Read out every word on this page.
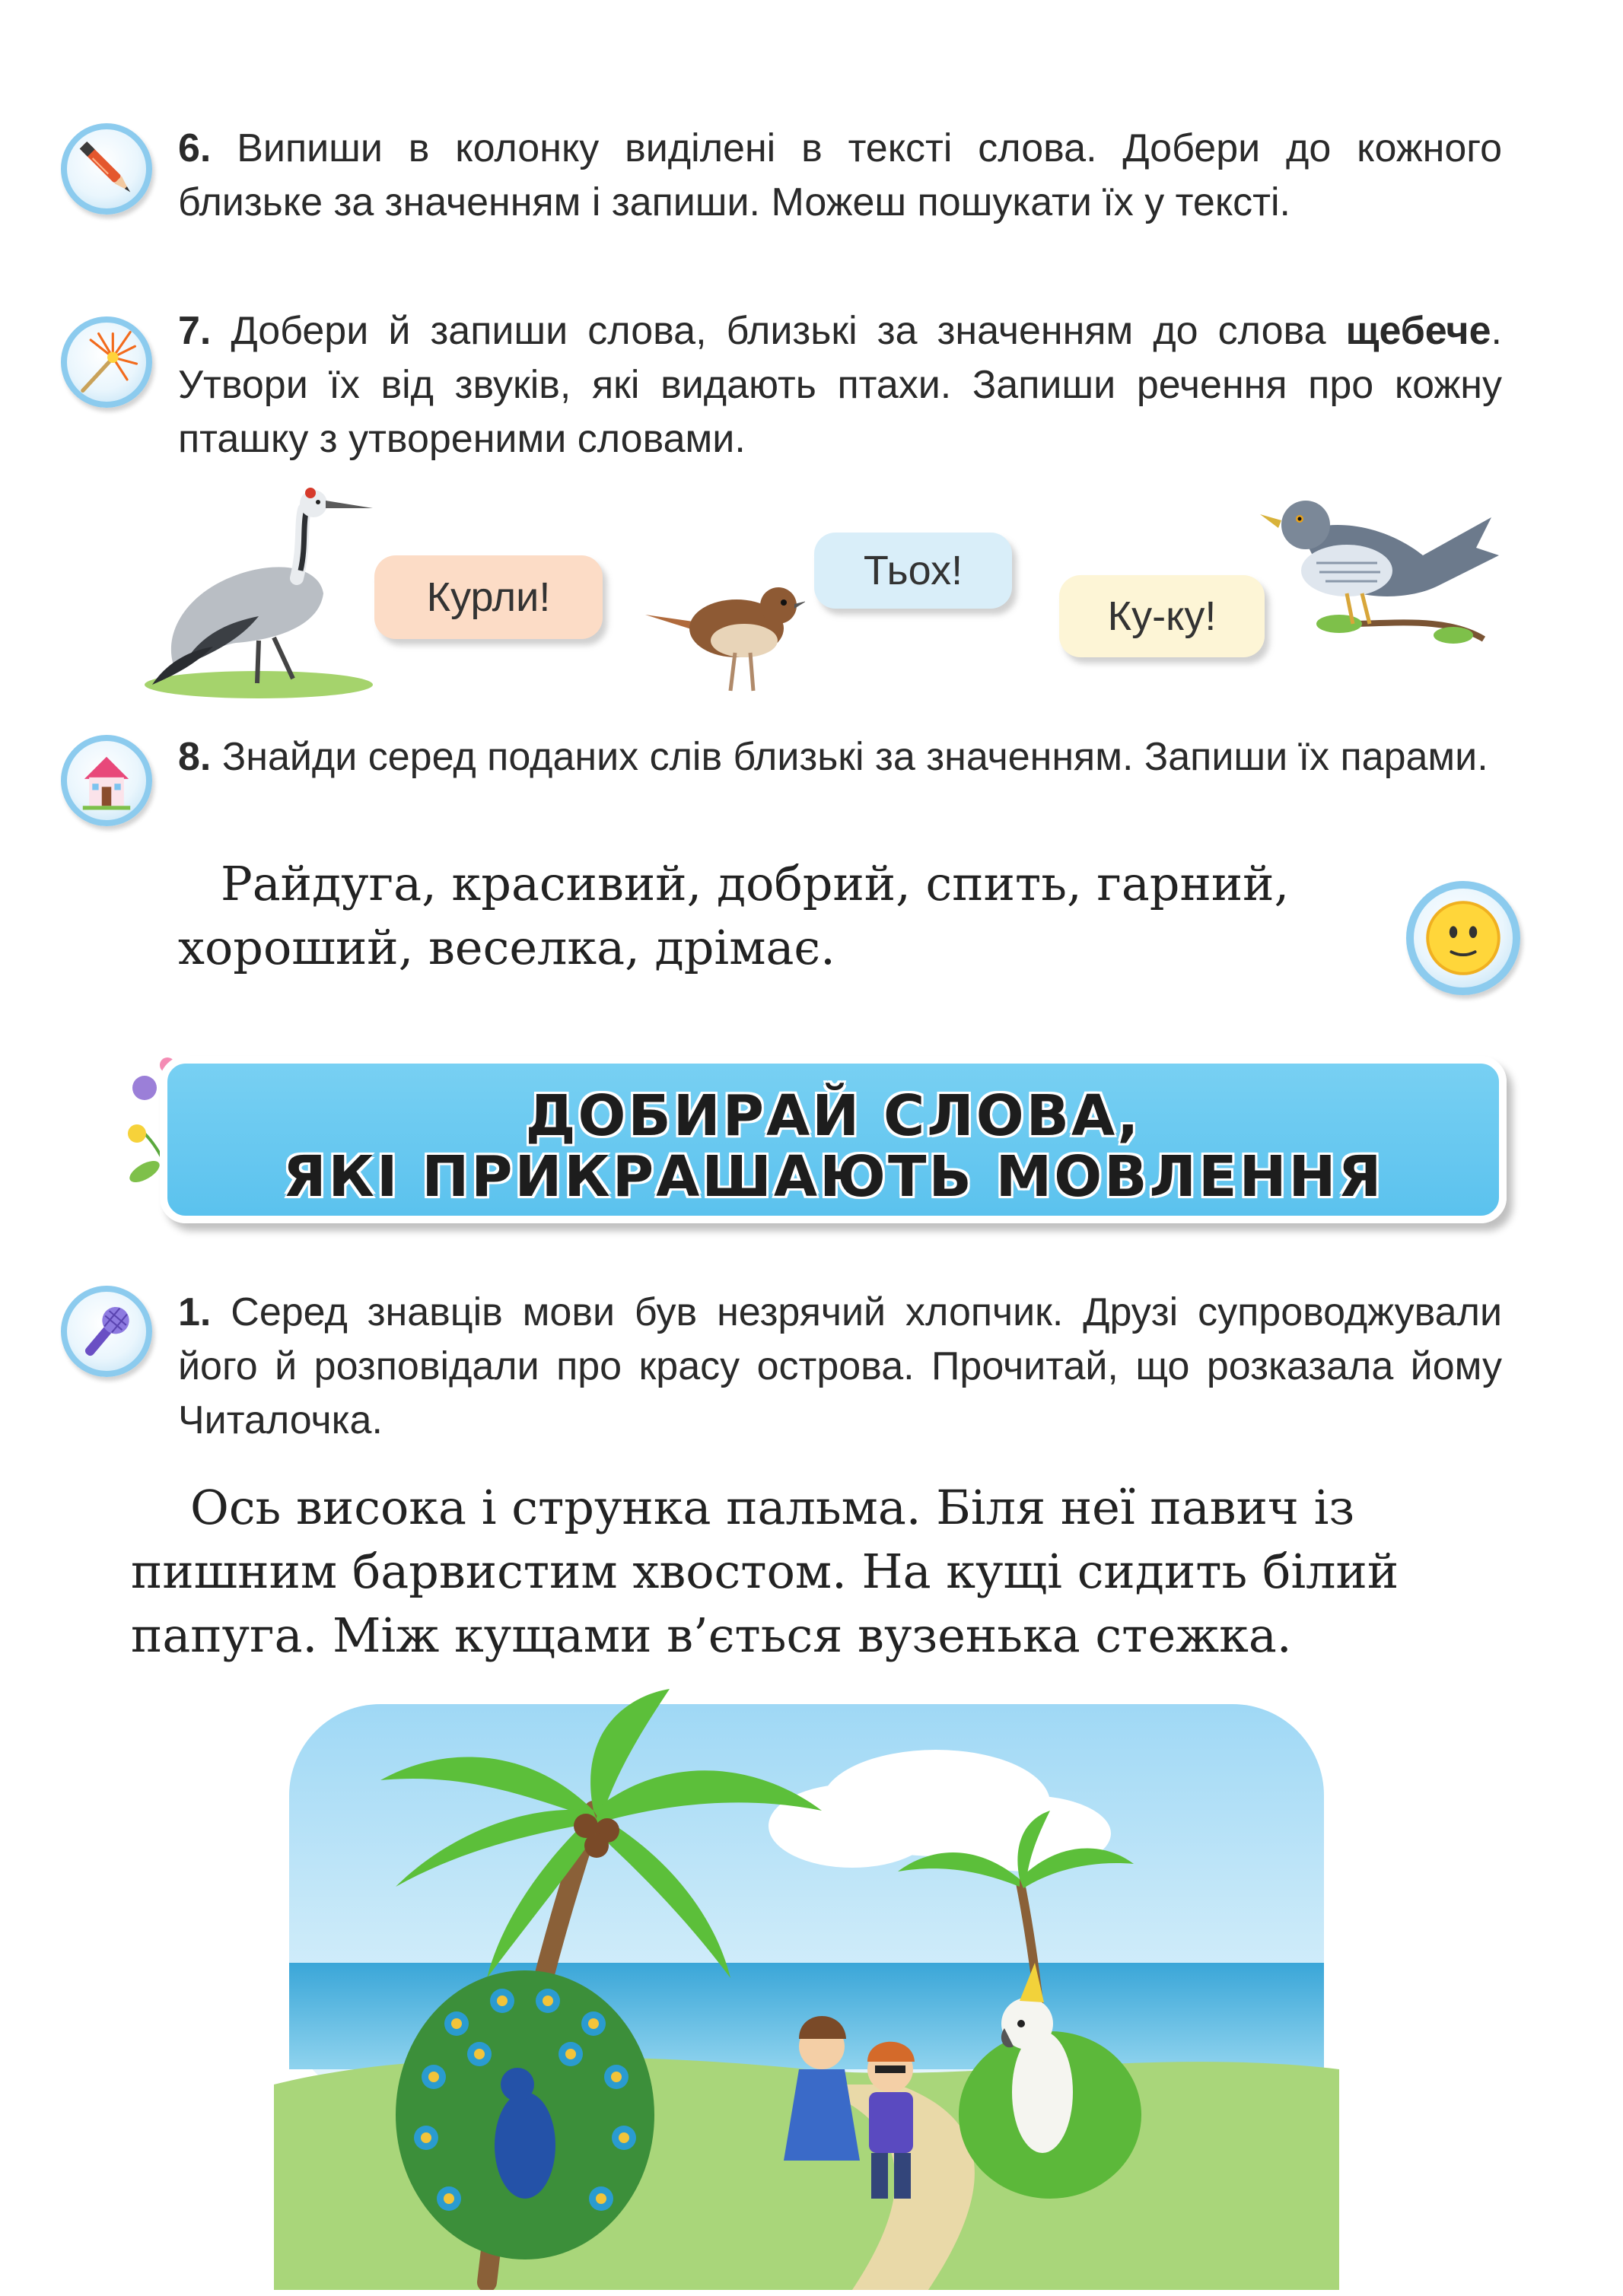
6. Випиши в колонку виділені в тексті слова. Добери до кожного близьке за значенням і запиши. Можеш пошукати їх у тексті.

7. Добери й запиши слова, близькі за значенням до слова щебече. Утвори їх від звуків, які видають птахи. Запиши речення про кожну пташку з утвореними словами.

Курли!
Тьох!
Ку-ку!

8. Знайди серед поданих слів близькі за значенням. Запиши їх парами.

Райдуга, красивий, добрий, спить, гарний,

хороший, веселка, дрімає.

ДОБИРАЙ СЛОВА,
ЯКІ ПРИКРАШАЮТЬ МОВЛЕННЯ

1. Серед знавців мови був незрячий хлопчик. Друзі супроводжували його й розповідали про красу острова. Прочитай, що розказала йому Читалочка.

Ось висока і струнка пальма. Біля неї павич із

пишним барвистим хвостом. На кущі сидить білий

папуга. Між кущами в’ється вузенька стежка.
